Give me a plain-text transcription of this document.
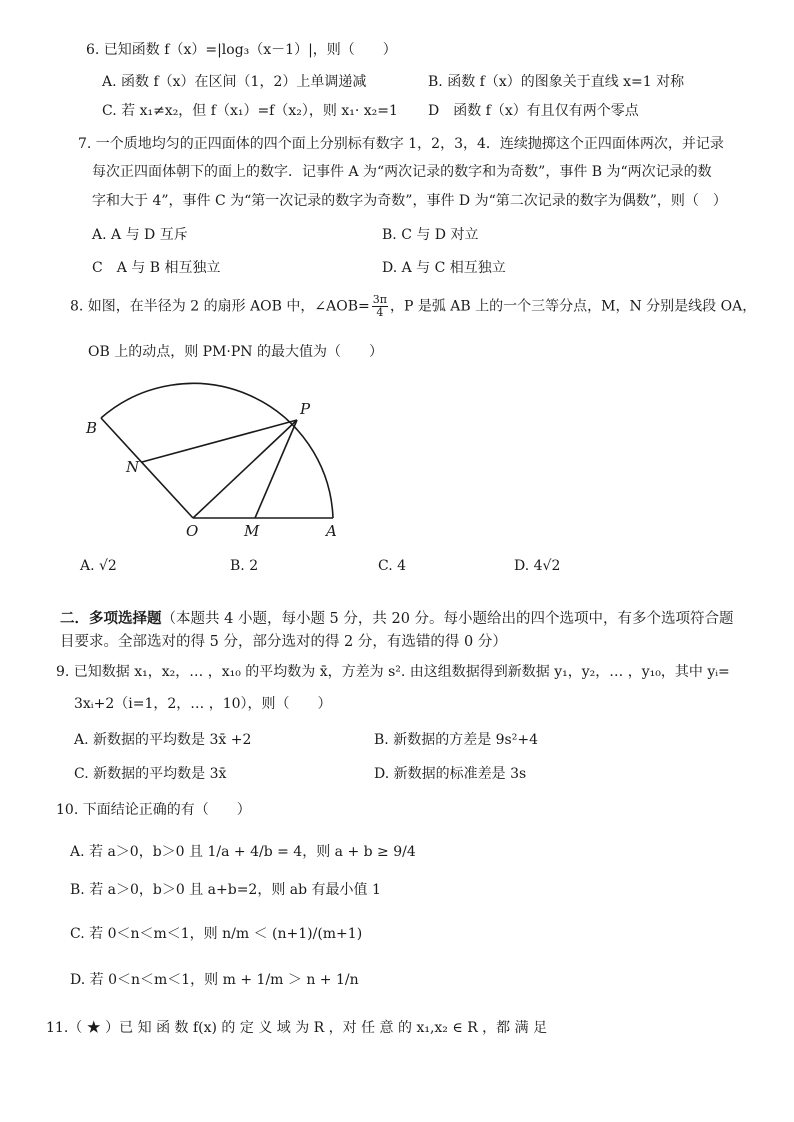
6. 已知函数 f（x）=|log₃（x－1）|，则（　　）
A. 函数 f（x）在区间（1，2）上单调递减	B. 函数 f（x）的图象关于直线 x=1 对称
C. 若 x₁≠x₂，但 f（x₁）=f（x₂），则 x₁· x₂=1 D　函数 f（x）有且仅有两个零点
7. 一个质地均匀的正四面体的四个面上分别标有数字 1，2，3，4．连续抛掷这个正四面体两次，并记录
每次正四面体朝下的面上的数字．记事件 A 为“两次记录的数字和为奇数”，事件 B 为“两次记录的数
字和大于 4”，事件 C 为“第一次记录的数字为奇数”，事件 D 为“第二次记录的数字为偶数”，则（　）
A. A 与 D 互斥	B. C 与 D 对立
C　A 与 B 相互独立	D. A 与 C 相互独立
8. 如图，在半径为 2 的扇形 AOB 中，∠AOB= $\frac{3\pi}{4}$ ，P 是弧 AB 上的一个三等分点，M，N 分别是线段 OA，
OB 上的动点，则 PM·PN 的最大值为（　　）
B
P
N
O	M	A
A. √2	B. 2	C. 4	D. 4√2
二．多项选择题（本题共 4 小题，每小题 5 分，共 20 分。每小题给出的四个选项中，有多个选项符合题
目要求。全部选对的得 5 分，部分选对的得 2 分，有选错的得 0 分）
9. 已知数据 x₁，x₂，… ，x₁₀ 的平均数为 x̄，方差为 s². 由这组数据得到新数据 y₁，y₂，… ，y₁₀，其中 yᵢ=
3xᵢ+2（i=1，2，… ，10），则（　　）
A. 新数据的平均数是 3x̄ +2	B. 新数据的方差是 9s²+4
C. 新数据的平均数是 3x̄	D. 新数据的标准差是 3s
10. 下面结论正确的有（　　）
A. 若 a＞0，b＞0 且 1/a + 4/b = 4，则 a + b ≥ 9/4
B. 若 a＞0，b＞0 且 a+b=2，则 ab 有最小值 1
C. 若 0＜n＜m＜1，则 n/m ＜ (n+1)/(m+1)
D. 若 0＜n＜m＜1，则 m + 1/m ＞ n + 1/n
11.（ ★ ）已 知 函 数 f(x) 的 定 义 域 为 R ，对 任 意 的 x₁,x₂ ∈ R ，都 满 足
